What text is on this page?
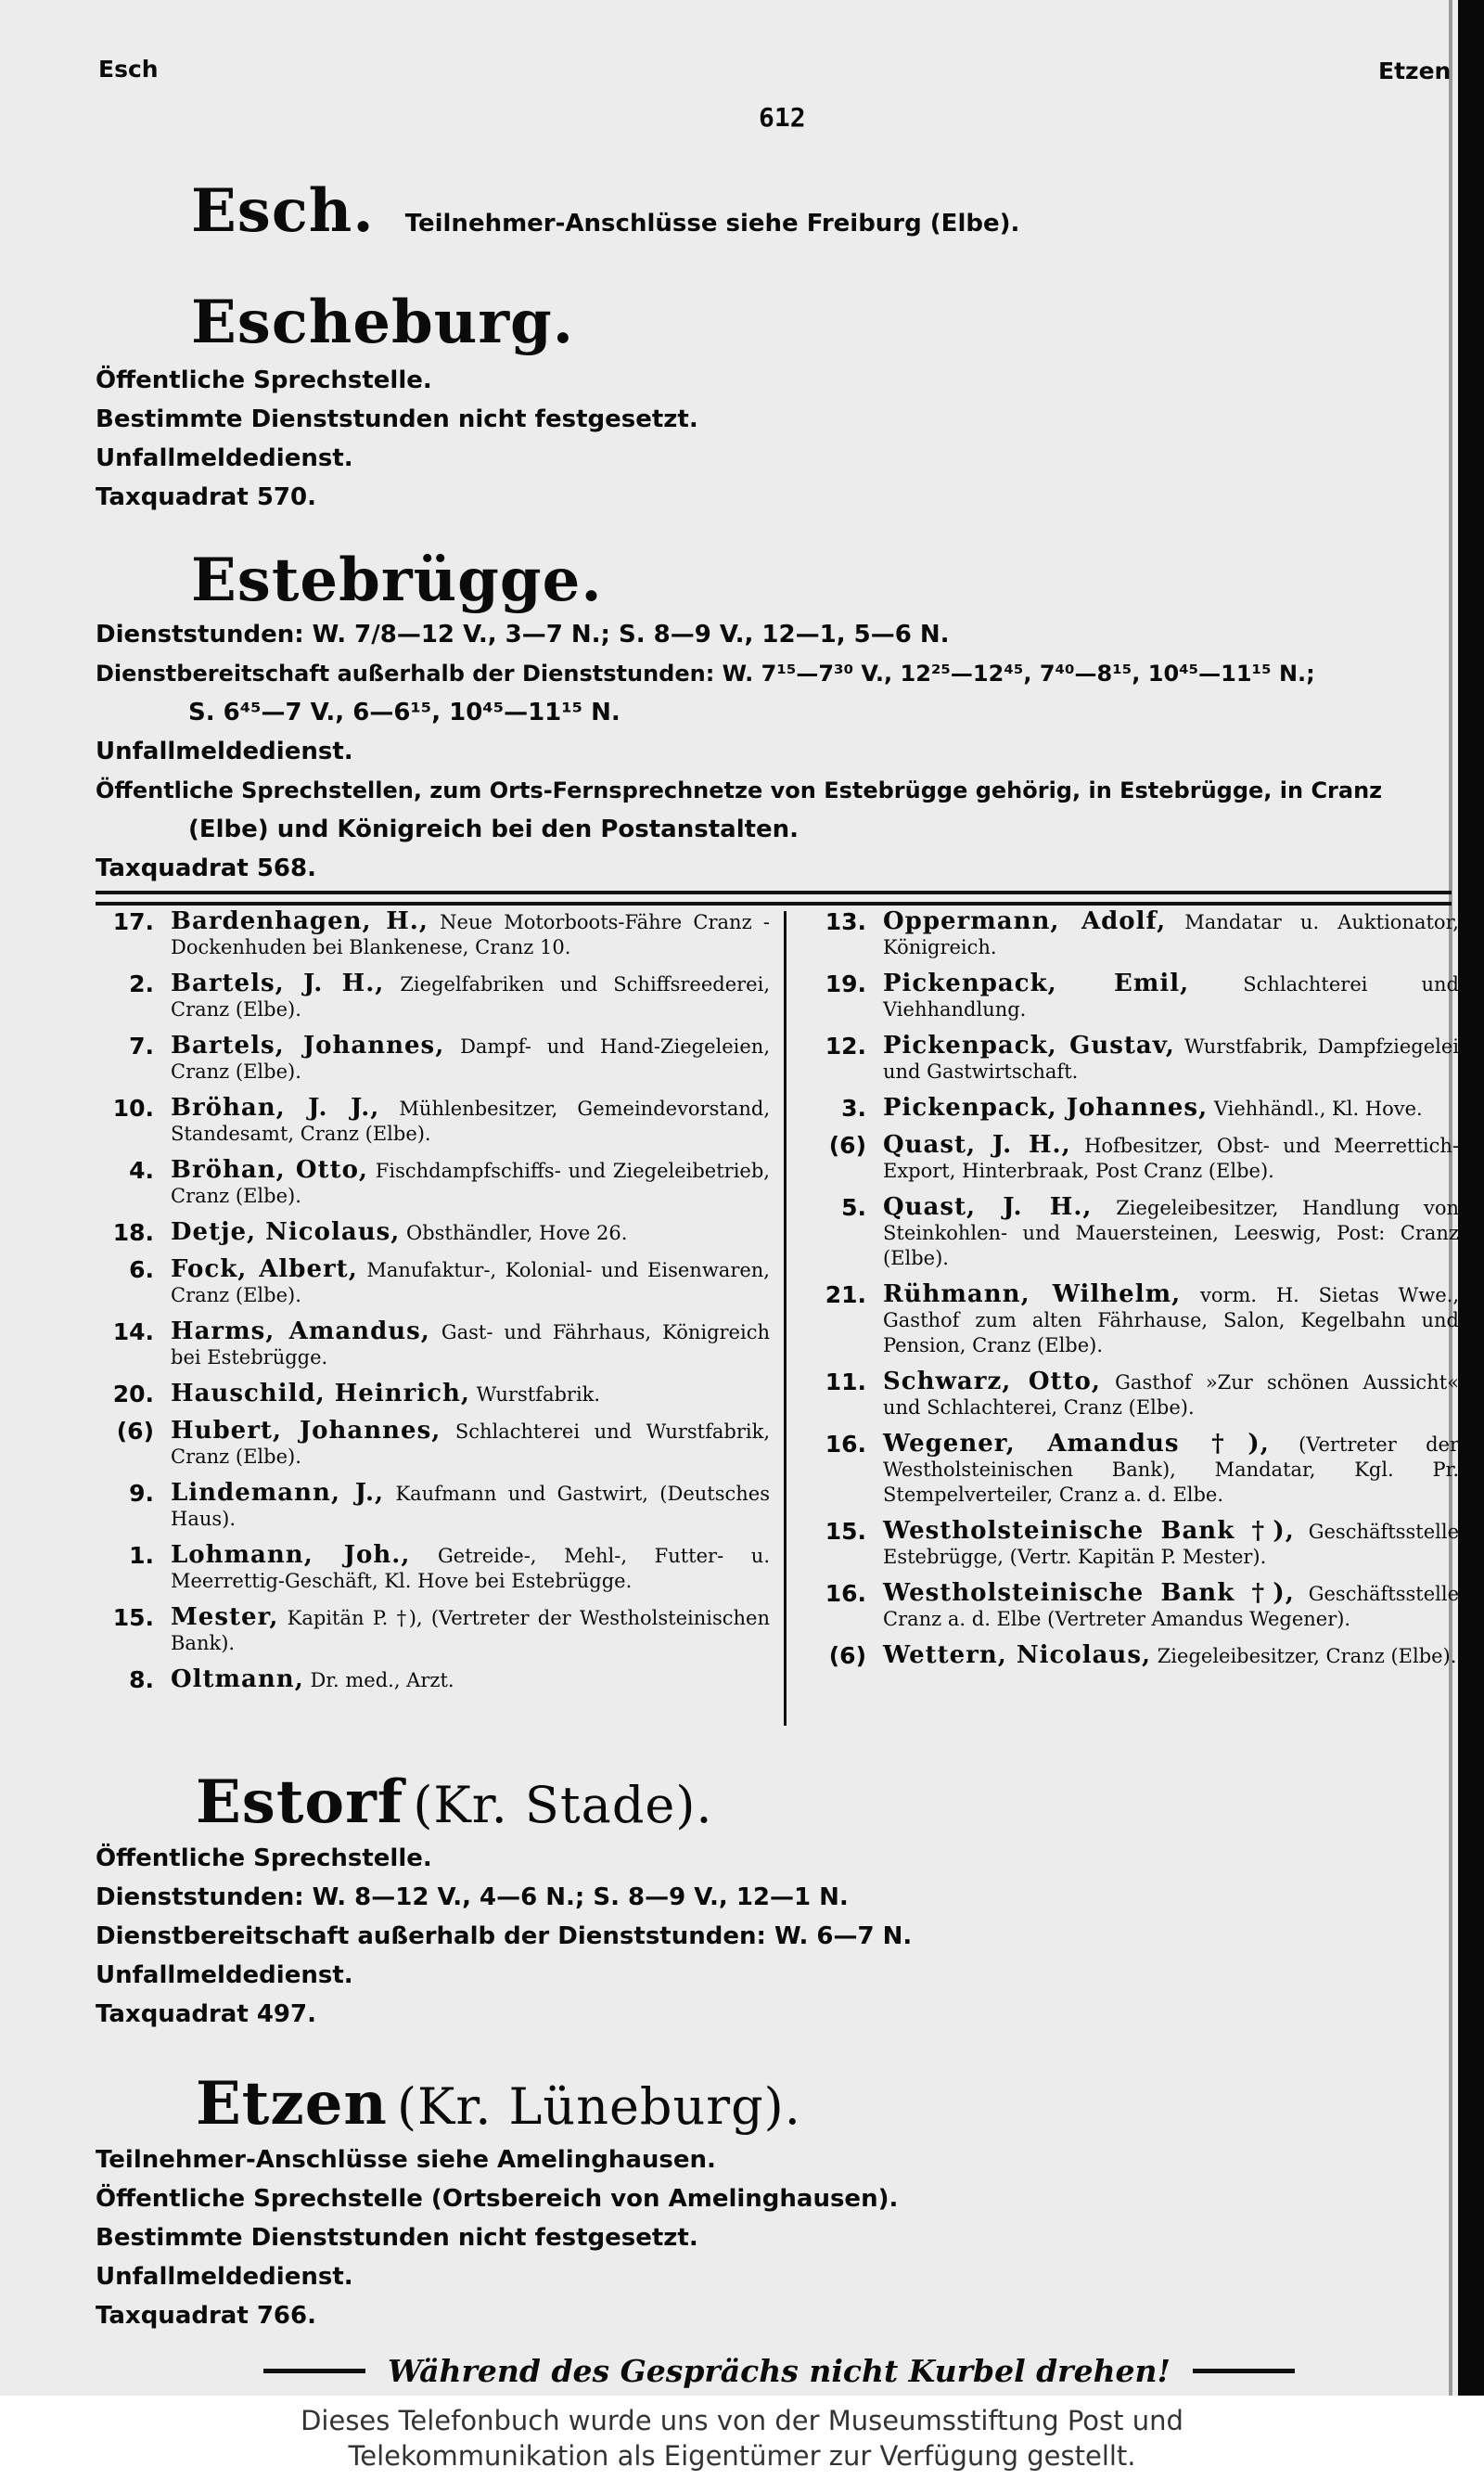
Esch	Etzen
612
Esch. Teilnehmer-Anschlüsse siehe Freiburg (Elbe).
Escheburg.
Öffentliche Sprechstelle.
Bestimmte Dienststunden nicht festgesetzt.
Unfallmeldedienst.
Taxquadrat 570.
Estebrügge.
Dienststunden: W. 7/8—12 V., 3—7 N.; S. 8—9 V., 12—1, 5—6 N.
Dienstbereitschaft außerhalb der Dienststunden: W. 7¹⁵—7³⁰ V., 12²⁵—12⁴⁵, 7⁴⁰—8¹⁵, 10⁴⁵—11¹⁵ N.;
S. 6⁴⁵—7 V., 6—6¹⁵, 10⁴⁵—11¹⁵ N.
Unfallmeldedienst.
Öffentliche Sprechstellen, zum Orts-Fernsprechnetze von Estebrügge gehörig, in Estebrügge, in Cranz
(Elbe) und Königreich bei den Postanstalten.
Taxquadrat 568.
17. Bardenhagen, H., Neue Motorboots-Fähre Cranz - Dockenhuden bei Blankenese, Cranz 10.
2. Bartels, J. H., Ziegelfabriken und Schiffsreederei, Cranz (Elbe).
7. Bartels, Johannes, Dampf- und Hand-Ziegeleien, Cranz (Elbe).
10. Bröhan, J. J., Mühlenbesitzer, Gemeindevorstand, Standesamt, Cranz (Elbe).
4. Bröhan, Otto, Fischdampfschiffs- und Ziegeleibetrieb, Cranz (Elbe).
18. Detje, Nicolaus, Obsthändler, Hove 26.
6. Fock, Albert, Manufaktur-, Kolonial- und Eisenwaren, Cranz (Elbe).
14. Harms, Amandus, Gast- und Fährhaus, Königreich bei Estebrügge.
20. Hauschild, Heinrich, Wurstfabrik.
(6) Hubert, Johannes, Schlachterei und Wurstfabrik, Cranz (Elbe).
9. Lindemann, J., Kaufmann und Gastwirt, (Deutsches Haus).
1. Lohmann, Joh., Getreide-, Mehl-, Futter- u. Meerrettig-Geschäft, Kl. Hove bei Estebrügge.
15. Mester, Kapitän P. †), (Vertreter der Westholsteinischen Bank).
8. Oltmann, Dr. med., Arzt.
13. Oppermann, Adolf, Mandatar u. Auktionator, Königreich.
19. Pickenpack, Emil,	Schlachterei und Viehhandlung.
12. Pickenpack, Gustav, Wurstfabrik, Dampfziegelei und Gastwirtschaft.
3. Pickenpack, Johannes, Viehhändl., Kl. Hove.
(6) Quast, J. H., Hofbesitzer, Obst- und Meerrettich-Export, Hinterbraak, Post Cranz (Elbe).
5. Quast, J. H., Ziegeleibesitzer, Handlung von Steinkohlen- und Mauersteinen, Leeswig, Post: Cranz (Elbe).
21. Rühmann, Wilhelm, vorm. H. Sietas Wwe., Gasthof zum alten Fährhause, Salon, Kegelbahn und Pension, Cranz (Elbe).
11. Schwarz, Otto, Gasthof »Zur schönen Aussicht« und Schlachterei, Cranz (Elbe).
16. Wegener, Amandus †), (Vertreter der Westholsteinischen Bank), Mandatar, Kgl. Pr. Stempelverteiler, Cranz a. d. Elbe.
15. Westholsteinische Bank †), Geschäftsstelle Estebrügge, (Vertr. Kapitän P. Mester).
16. Westholsteinische Bank †), Geschäftsstelle Cranz a. d. Elbe (Vertreter Amandus Wegener).
(6) Wettern, Nicolaus, Ziegeleibesitzer, Cranz (Elbe).
Estorf (Kr. Stade).
Öffentliche Sprechstelle.
Dienststunden: W. 8—12 V., 4—6 N.; S. 8—9 V., 12—1 N.
Dienstbereitschaft außerhalb der Dienststunden: W. 6—7 N.
Unfallmeldedienst.
Taxquadrat 497.
Etzen (Kr. Lüneburg).
Teilnehmer-Anschlüsse siehe Amelinghausen.
Öffentliche Sprechstelle (Ortsbereich von Amelinghausen).
Bestimmte Dienststunden nicht festgesetzt.
Unfallmeldedienst.
Taxquadrat 766.
Während des Gesprächs nicht Kurbel drehen!
Dieses Telefonbuch wurde uns von der Museumsstiftung Post und
Telekommunikation als Eigentümer zur Verfügung gestellt.
